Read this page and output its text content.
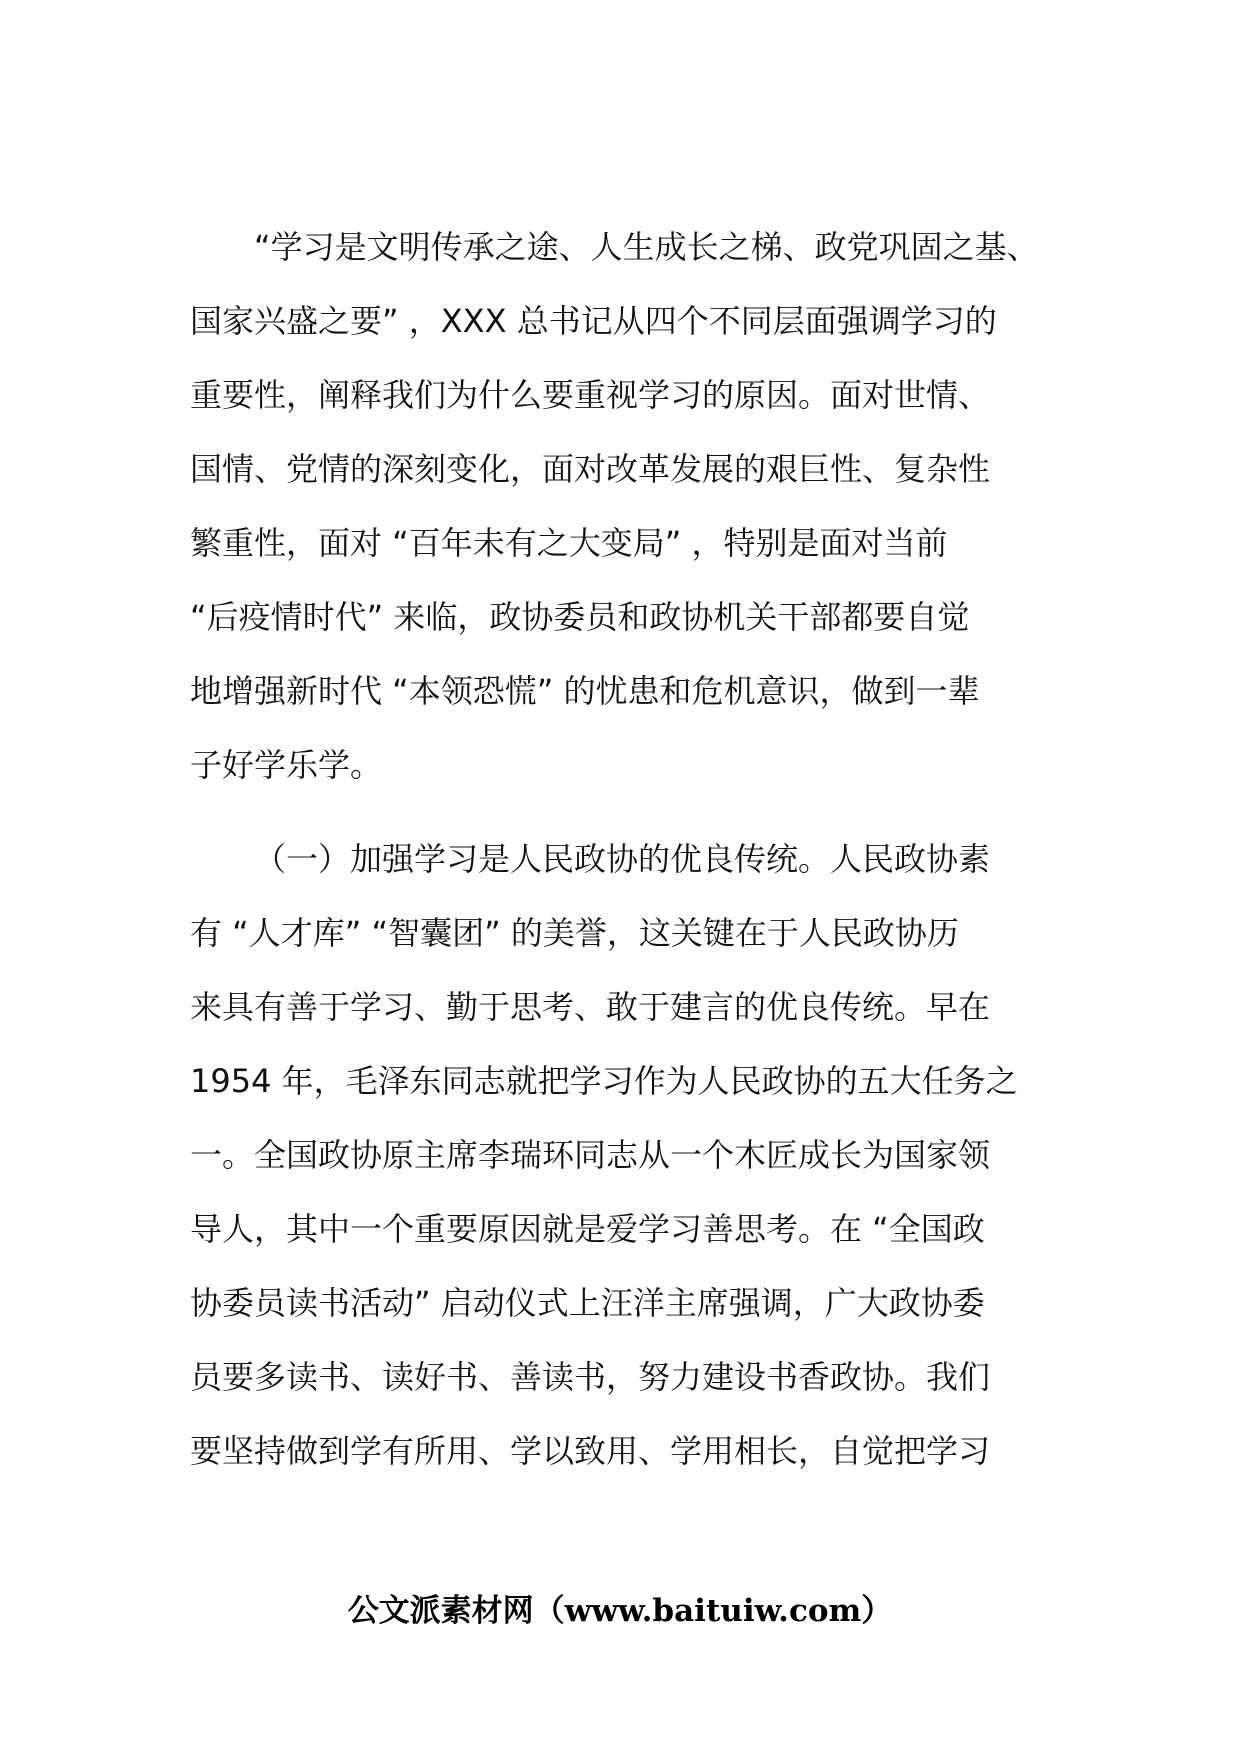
“学习是文明传承之途、人生成长之梯、政党巩固之基、
国家兴盛之要” ，XXX 总书记从四个不同层面强调学习的
重要性，阐释我们为什么要重视学习的原因。面对世情、
国情、党情的深刻变化，面对改革发展的艰巨性、复杂性
繁重性，面对 “百年未有之大变局” ，特别是面对当前
“后疫情时代” 来临，政协委员和政协机关干部都要自觉
地增强新时代 “本领恐慌” 的忧患和危机意识，做到一辈
子好学乐学。
（一）加强学习是人民政协的优良传统。人民政协素
有 “人才库” “智囊团” 的美誉，这关键在于人民政协历
来具有善于学习、勤于思考、敢于建言的优良传统。早在
1954 年，毛泽东同志就把学习作为人民政协的五大任务之
一。全国政协原主席李瑞环同志从一个木匠成长为国家领
导人，其中一个重要原因就是爱学习善思考。在 “全国政
协委员读书活动” 启动仪式上汪洋主席强调，广大政协委
员要多读书、读好书、善读书，努力建设书香政协。我们
要坚持做到学有所用、学以致用、学用相长，自觉把学习
公文派素材网（www.baituiw.com）
